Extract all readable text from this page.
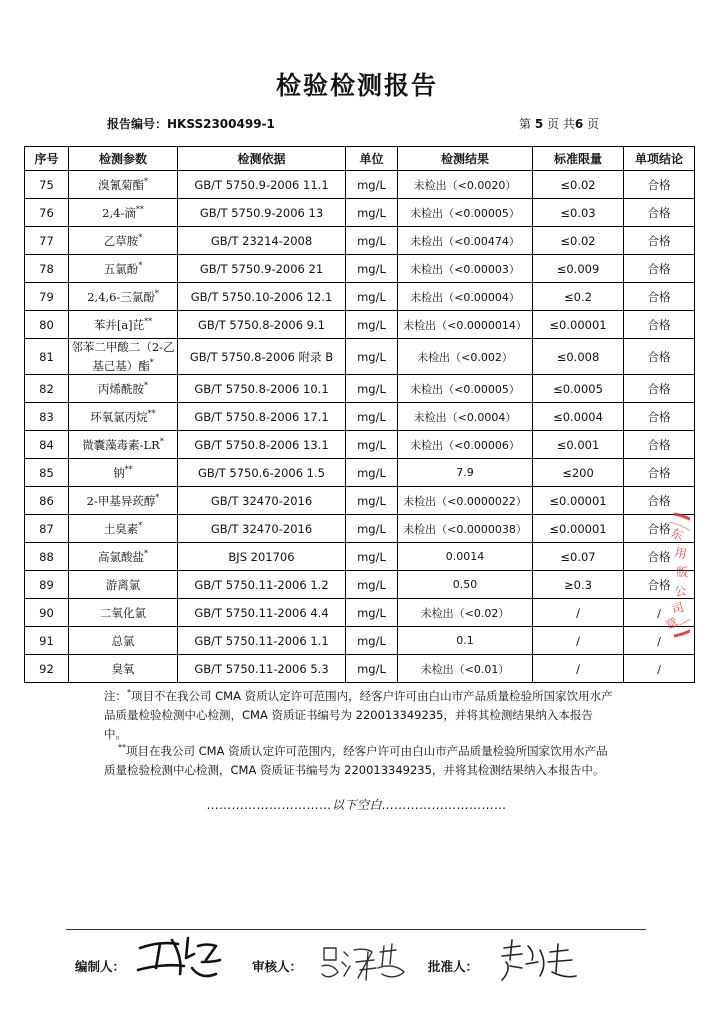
检验检测报告
报告编号：HKSS2300499-1	第 5 页 共6 页
序号	检测参数	检测依据	单位	检测结果	标准限量	单项结论
75	溴氰菊酯*	GB/T 5750.9-2006 11.1	mg/L	未检出（<0.0020）	≤0.02	合格
76	2,4-滴**	GB/T 5750.9-2006 13	mg/L	未检出（<0.00005）	≤0.03	合格
77	乙草胺*	GB/T 23214-2008	mg/L	未检出（<0.00474）	≤0.02	合格
78	五氯酚*	GB/T 5750.9-2006 21	mg/L	未检出（<0.00003）	≤0.009	合格
79	2,4,6-三氯酚*	GB/T 5750.10-2006 12.1	mg/L	未检出（<0.00004）	≤0.2	合格
80	苯并[a]芘**	GB/T 5750.8-2006 9.1	mg/L	未检出（<0.0000014）	≤0.00001	合格
81	邻苯二甲酸二（2-乙基己基）酯*	GB/T 5750.8-2006 附录 B	mg/L	未检出（<0.002）	≤0.008	合格
82	丙烯酰胺*	GB/T 5750.8-2006 10.1	mg/L	未检出（<0.00005）	≤0.0005	合格
83	环氧氯丙烷**	GB/T 5750.8-2006 17.1	mg/L	未检出（<0.0004）	≤0.0004	合格
84	微囊藻毒素-LR*	GB/T 5750.8-2006 13.1	mg/L	未检出（<0.00006）	≤0.001	合格
85	钠**	GB/T 5750.6-2006 1.5	mg/L	7.9	≤200	合格
86	2-甲基异莰醇*	GB/T 32470-2016	mg/L	未检出（<0.0000022）	≤0.00001	合格
87	土臭素*	GB/T 32470-2016	mg/L	未检出（<0.0000038）	≤0.00001	合格
88	高氯酸盐*	BJS 201706	mg/L	0.0014	≤0.07	合格
89	游离氯	GB/T 5750.11-2006 1.2	mg/L	0.50	≥0.3	合格
90	二氧化氯	GB/T 5750.11-2006 4.4	mg/L	未检出（<0.02）	/	/
91	总氯	GB/T 5750.11-2006 1.1	mg/L	0.1	/	/
92	臭氧	GB/T 5750.11-2006 5.3	mg/L	未检出（<0.01）	/	/
东
用
版
公
司
章
注：*项目不在我公司 CMA 资质认定许可范围内，经客户许可由白山市产品质量检验所国家饮用水产品质量检验检测中心检测，CMA 资质证书编号为 220013349235，并将其检测结果纳入本报告中。
**项目在我公司 CMA 资质认定许可范围内，经客户许可由白山市产品质量检验所国家饮用水产品质量检验检测中心检测，CMA 资质证书编号为 220013349235，并将其检测结果纳入本报告中。
…………………………以下空白…………………………
编制人：	审核人：	批准人：
